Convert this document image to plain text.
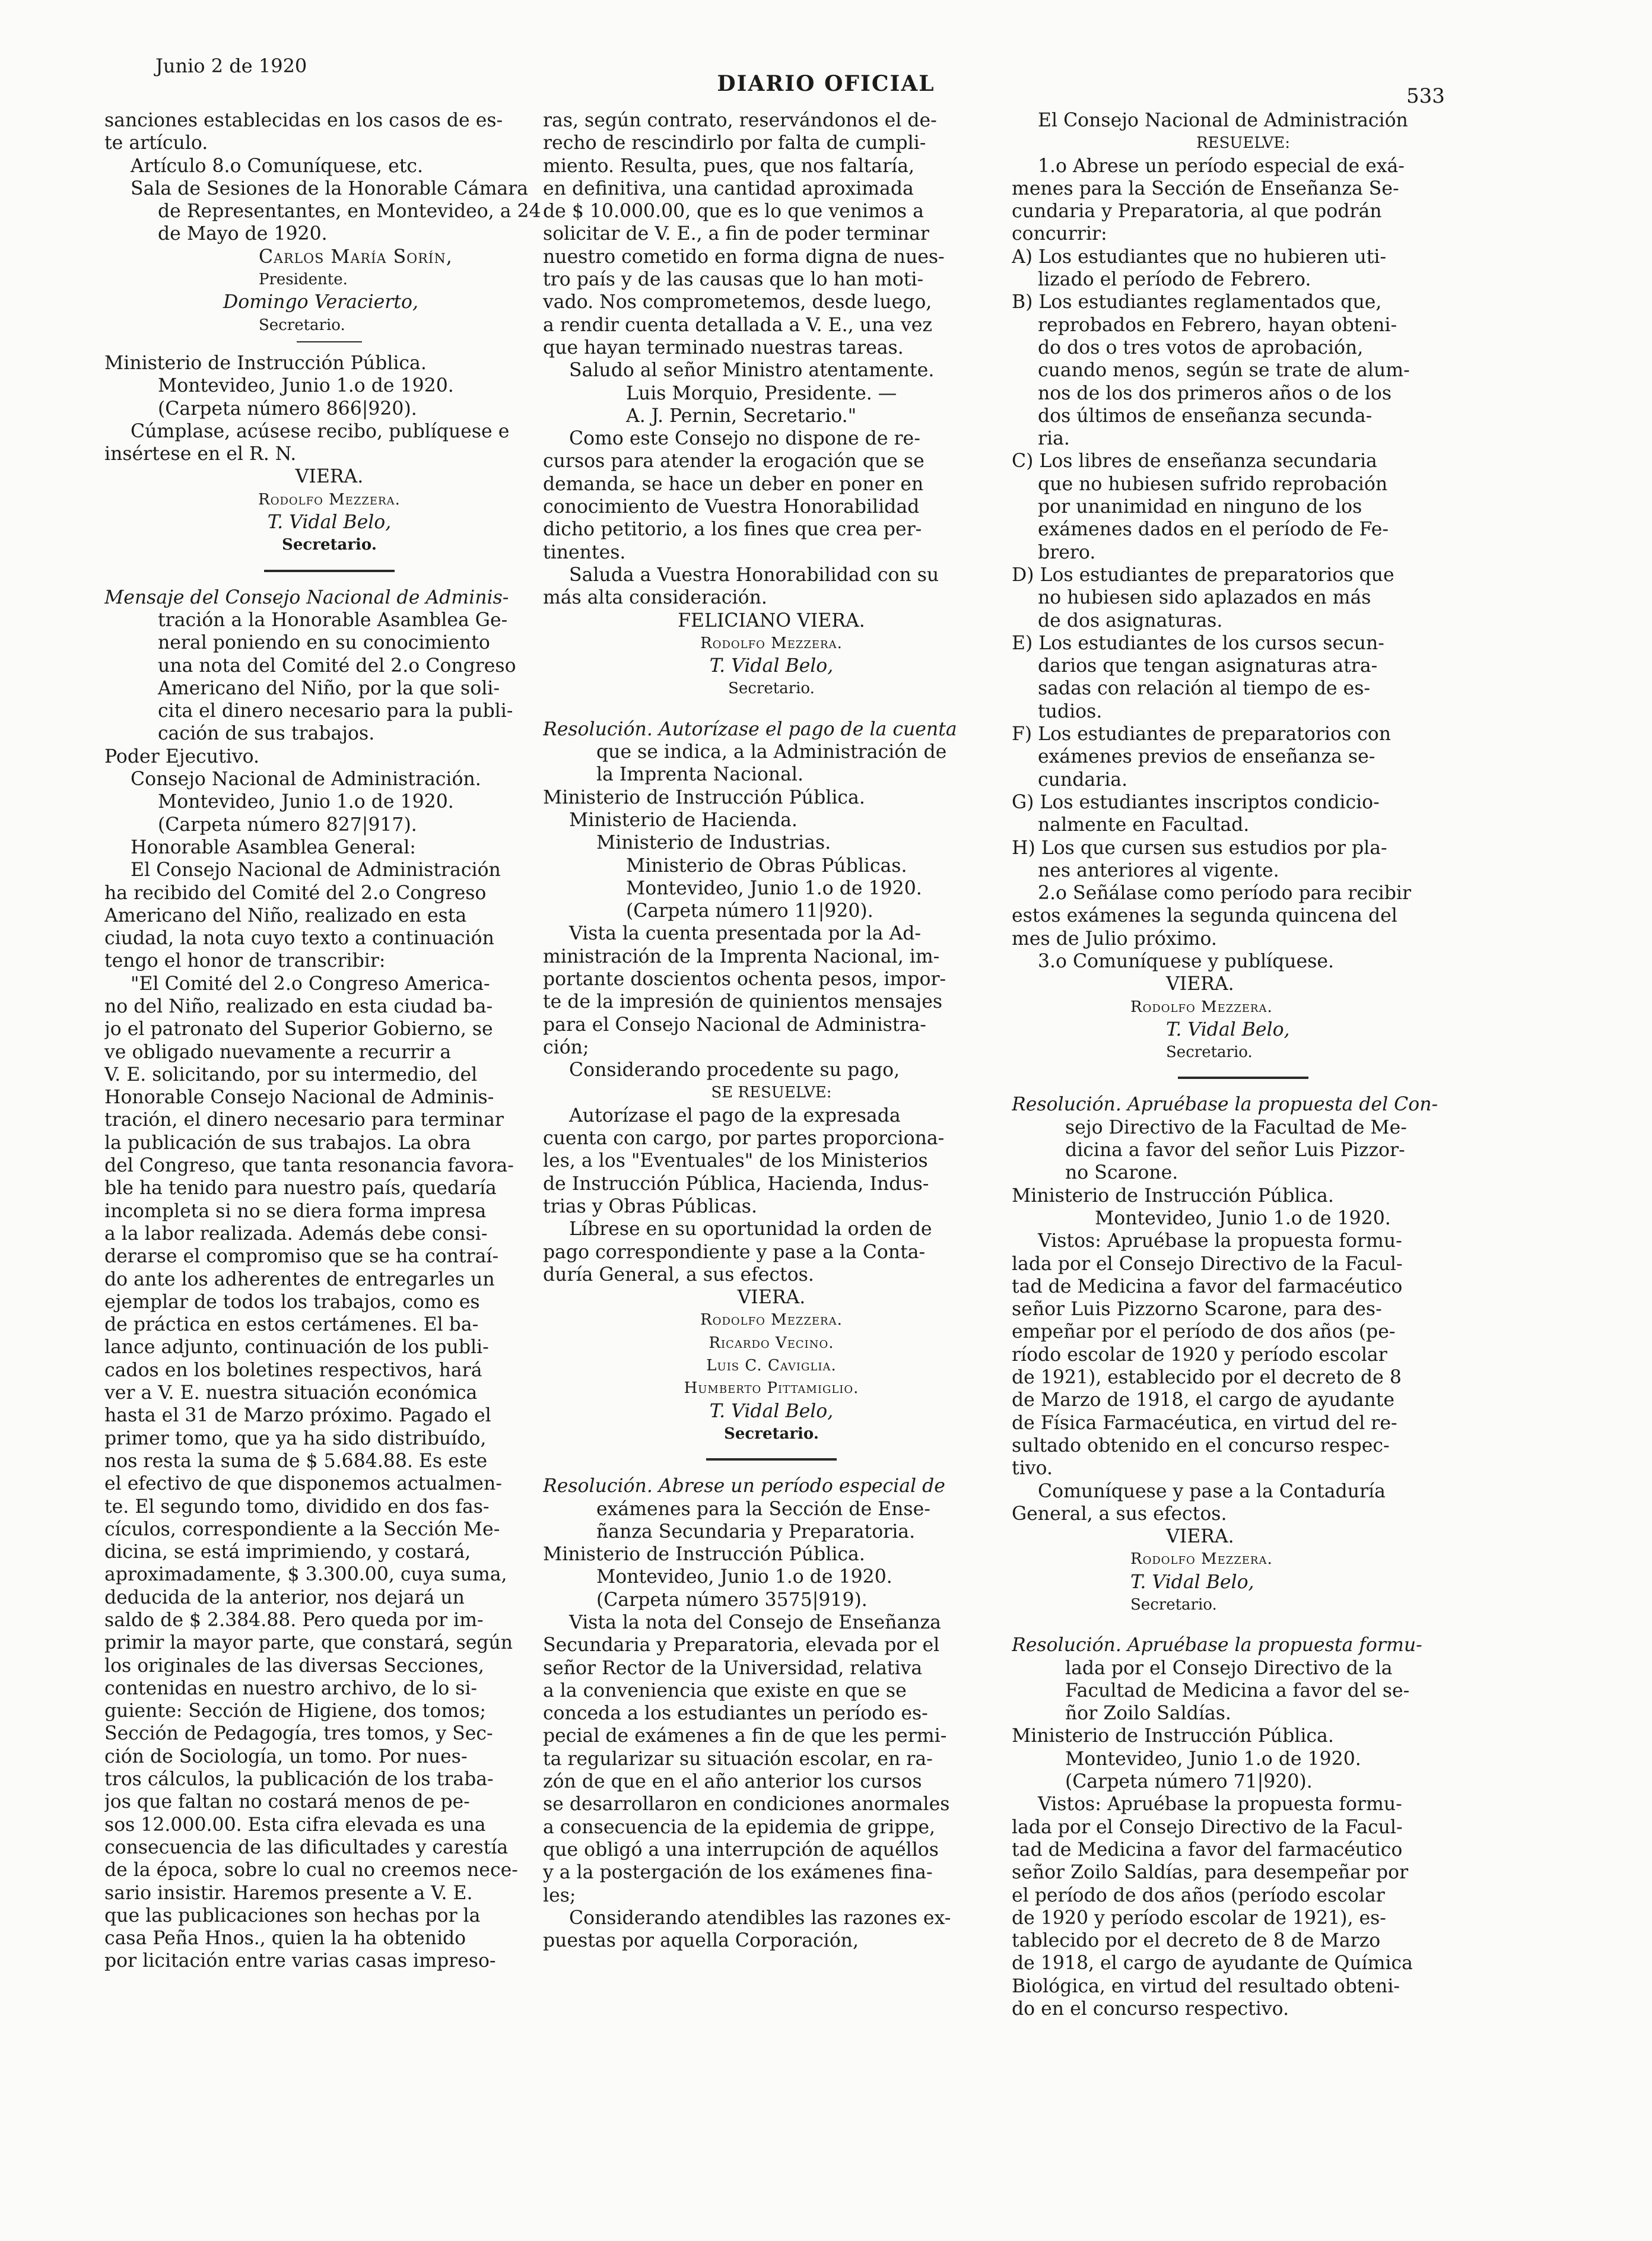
Junio 2 de 1920
DIARIO OFICIAL	533
sanciones establecidas en los casos de es-
te artículo.
Artículo 8.o Comuníquese, etc.
Sala de Sesiones de la Honorable Cámara
de Representantes, en Montevideo, a 24
de Mayo de 1920.
Carlos María Sorín,
Presidente.
Domingo Veracierto,
Secretario.
Ministerio de Instrucción Pública.
Montevideo, Junio 1.o de 1920.
(Carpeta número 866|920).
Cúmplase, acúsese recibo, publíquese e
insértese en el R. N.
VIERA.
Rodolfo Mezzera.
T. Vidal Belo,
Secretario.
Mensaje del Consejo Nacional de Adminis-
tración a la Honorable Asamblea Ge-
neral poniendo en su conocimiento
una nota del Comité del 2.o Congreso
Americano del Niño, por la que soli-
cita el dinero necesario para la publi-
cación de sus trabajos.
Poder Ejecutivo.
Consejo Nacional de Administración.
Montevideo, Junio 1.o de 1920.
(Carpeta número 827|917).
Honorable Asamblea General:
El Consejo Nacional de Administración
ha recibido del Comité del 2.o Congreso
Americano del Niño, realizado en esta
ciudad, la nota cuyo texto a continuación
tengo el honor de transcribir:
"El Comité del 2.o Congreso America-
no del Niño, realizado en esta ciudad ba-
jo el patronato del Superior Gobierno, se
ve obligado nuevamente a recurrir a
V. E. solicitando, por su intermedio, del
Honorable Consejo Nacional de Adminis-
tración, el dinero necesario para terminar
la publicación de sus trabajos. La obra
del Congreso, que tanta resonancia favora-
ble ha tenido para nuestro país, quedaría
incompleta si no se diera forma impresa
a la labor realizada. Además debe consi-
derarse el compromiso que se ha contraí-
do ante los adherentes de entregarles un
ejemplar de todos los trabajos, como es
de práctica en estos certámenes. El ba-
lance adjunto, continuación de los publi-
cados en los boletines respectivos, hará
ver a V. E. nuestra situación económica
hasta el 31 de Marzo próximo. Pagado el
primer tomo, que ya ha sido distribuído,
nos resta la suma de $ 5.684.88. Es este
el efectivo de que disponemos actualmen-
te. El segundo tomo, dividido en dos fas-
cículos, correspondiente a la Sección Me-
dicina, se está imprimiendo, y costará,
aproximadamente, $ 3.300.00, cuya suma,
deducida de la anterior, nos dejará un
saldo de $ 2.384.88. Pero queda por im-
primir la mayor parte, que constará, según
los originales de las diversas Secciones,
contenidas en nuestro archivo, de lo si-
guiente: Sección de Higiene, dos tomos;
Sección de Pedagogía, tres tomos, y Sec-
ción de Sociología, un tomo. Por nues-
tros cálculos, la publicación de los traba-
jos que faltan no costará menos de pe-
sos 12.000.00. Esta cifra elevada es una
consecuencia de las dificultades y carestía
de la época, sobre lo cual no creemos nece-
sario insistir. Haremos presente a V. E.
que las publicaciones son hechas por la
casa Peña Hnos., quien la ha obtenido
por licitación entre varias casas impreso-
ras, según contrato, reservándonos el de-
recho de rescindirlo por falta de cumpli-
miento. Resulta, pues, que nos faltaría,
en definitiva, una cantidad aproximada
de $ 10.000.00, que es lo que venimos a
solicitar de V. E., a fin de poder terminar
nuestro cometido en forma digna de nues-
tro país y de las causas que lo han moti-
vado. Nos comprometemos, desde luego,
a rendir cuenta detallada a V. E., una vez
que hayan terminado nuestras tareas.
Saludo al señor Ministro atentamente.
Luis Morquio, Presidente. —
A. J. Pernin, Secretario."
Como este Consejo no dispone de re-
cursos para atender la erogación que se
demanda, se hace un deber en poner en
conocimiento de Vuestra Honorabilidad
dicho petitorio, a los fines que crea per-
tinentes.
Saluda a Vuestra Honorabilidad con su
más alta consideración.
FELICIANO VIERA.
Rodolfo Mezzera.
T. Vidal Belo,
Secretario.
Resolución. Autorízase el pago de la cuenta
que se indica, a la Administración de
la Imprenta Nacional.
Ministerio de Instrucción Pública.
Ministerio de Hacienda.
Ministerio de Industrias.
Ministerio de Obras Públicas.
Montevideo, Junio 1.o de 1920.
(Carpeta número 11|920).
Vista la cuenta presentada por la Ad-
ministración de la Imprenta Nacional, im-
portante doscientos ochenta pesos, impor-
te de la impresión de quinientos mensajes
para el Consejo Nacional de Administra-
ción;
Considerando procedente su pago,
SE RESUELVE:
Autorízase el pago de la expresada
cuenta con cargo, por partes proporciona-
les, a los "Eventuales" de los Ministerios
de Instrucción Pública, Hacienda, Indus-
trias y Obras Públicas.
Líbrese en su oportunidad la orden de
pago correspondiente y pase a la Conta-
duría General, a sus efectos.
VIERA.
Rodolfo Mezzera.
Ricardo Vecino.
Luis C. Caviglia.
Humberto Pittamiglio.
T. Vidal Belo,
Secretario.
Resolución. Abrese un período especial de
exámenes para la Sección de Ense-
ñanza Secundaria y Preparatoria.
Ministerio de Instrucción Pública.
Montevideo, Junio 1.o de 1920.
(Carpeta número 3575|919).
Vista la nota del Consejo de Enseñanza
Secundaria y Preparatoria, elevada por el
señor Rector de la Universidad, relativa
a la conveniencia que existe en que se
conceda a los estudiantes un período es-
pecial de exámenes a fin de que les permi-
ta regularizar su situación escolar, en ra-
zón de que en el año anterior los cursos
se desarrollaron en condiciones anormales
a consecuencia de la epidemia de grippe,
que obligó a una interrupción de aquéllos
y a la postergación de los exámenes fina-
les;
Considerando atendibles las razones ex-
puestas por aquella Corporación,
El Consejo Nacional de Administración
RESUELVE:
1.o Abrese un período especial de exá-
menes para la Sección de Enseñanza Se-
cundaria y Preparatoria, al que podrán
concurrir:
A) Los estudiantes que no hubieren uti-
lizado el período de Febrero.
B) Los estudiantes reglamentados que,
reprobados en Febrero, hayan obteni-
do dos o tres votos de aprobación,
cuando menos, según se trate de alum-
nos de los dos primeros años o de los
dos últimos de enseñanza secunda-
ria.
C) Los libres de enseñanza secundaria
que no hubiesen sufrido reprobación
por unanimidad en ninguno de los
exámenes dados en el período de Fe-
brero.
D) Los estudiantes de preparatorios que
no hubiesen sido aplazados en más
de dos asignaturas.
E) Los estudiantes de los cursos secun-
darios que tengan asignaturas atra-
sadas con relación al tiempo de es-
tudios.
F) Los estudiantes de preparatorios con
exámenes previos de enseñanza se-
cundaria.
G) Los estudiantes inscriptos condicio-
nalmente en Facultad.
H) Los que cursen sus estudios por pla-
nes anteriores al vigente.
2.o Señálase como período para recibir
estos exámenes la segunda quincena del
mes de Julio próximo.
3.o Comuníquese y publíquese.
VIERA.
Rodolfo Mezzera.
T. Vidal Belo,
Secretario.
Resolución. Apruébase la propuesta del Con-
sejo Directivo de la Facultad de Me-
dicina a favor del señor Luis Pizzor-
no Scarone.
Ministerio de Instrucción Pública.
Montevideo, Junio 1.o de 1920.
Vistos: Apruébase la propuesta formu-
lada por el Consejo Directivo de la Facul-
tad de Medicina a favor del farmacéutico
señor Luis Pizzorno Scarone, para des-
empeñar por el período de dos años (pe-
ríodo escolar de 1920 y período escolar
de 1921), establecido por el decreto de 8
de Marzo de 1918, el cargo de ayudante
de Física Farmacéutica, en virtud del re-
sultado obtenido en el concurso respec-
tivo.
Comuníquese y pase a la Contaduría
General, a sus efectos.
VIERA.
Rodolfo Mezzera.
T. Vidal Belo,
Secretario.
Resolución. Apruébase la propuesta formu-
lada por el Consejo Directivo de la
Facultad de Medicina a favor del se-
ñor Zoilo Saldías.
Ministerio de Instrucción Pública.
Montevideo, Junio 1.o de 1920.
(Carpeta número 71|920).
Vistos: Apruébase la propuesta formu-
lada por el Consejo Directivo de la Facul-
tad de Medicina a favor del farmacéutico
señor Zoilo Saldías, para desempeñar por
el período de dos años (período escolar
de 1920 y período escolar de 1921), es-
tablecido por el decreto de 8 de Marzo
de 1918, el cargo de ayudante de Química
Biológica, en virtud del resultado obteni-
do en el concurso respectivo.
